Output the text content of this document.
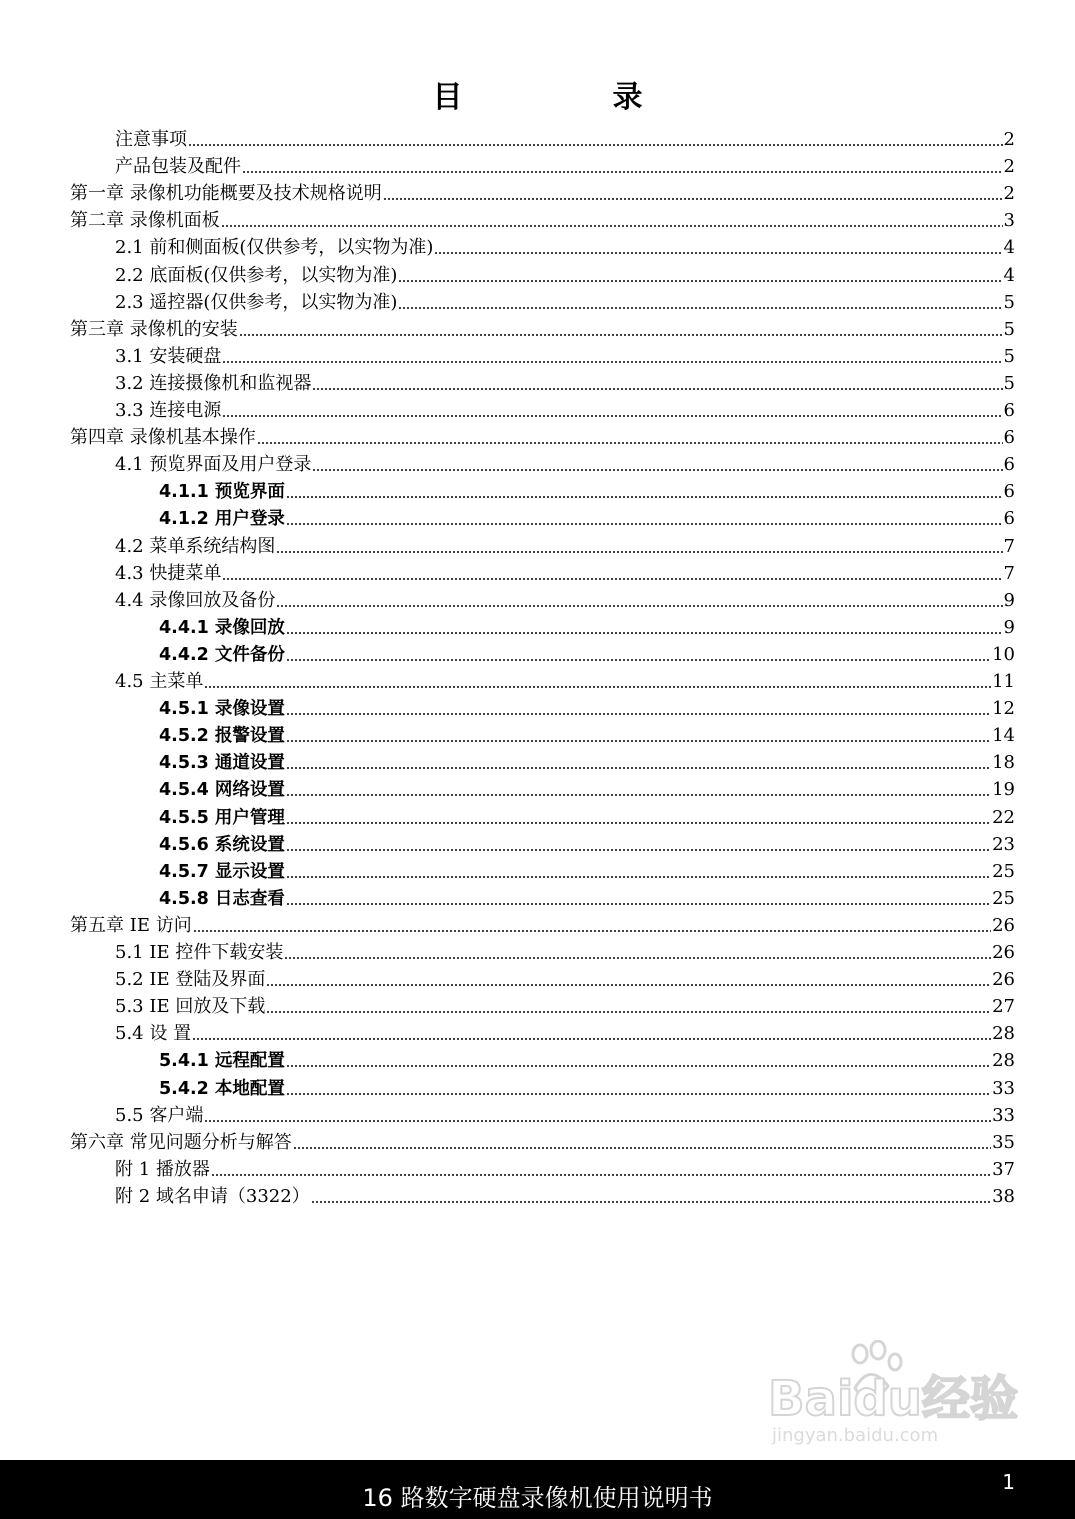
目　录
注意事项	2
产品包装及配件	2
第一章 录像机功能概要及技术规格说明	2
第二章 录像机面板	3
2.1 前和侧面板(仅供参考，以实物为准)	4
2.2 底面板(仅供参考，以实物为准)	4
2.3 遥控器(仅供参考，以实物为准)	5
第三章 录像机的安装	5
3.1 安装硬盘	5
3.2 连接摄像机和监视器	5
3.3 连接电源	6
第四章 录像机基本操作	6
4.1 预览界面及用户登录	6
4.1.1 预览界面	6
4.1.2 用户登录	6
4.2 菜单系统结构图	7
4.3 快捷菜单	7
4.4 录像回放及备份	9
4.4.1 录像回放	9
4.4.2 文件备份	10
4.5 主菜单	11
4.5.1 录像设置	12
4.5.2 报警设置	14
4.5.3 通道设置	18
4.5.4 网络设置	19
4.5.5 用户管理	22
4.5.6 系统设置	23
4.5.7 显示设置	25
4.5.8 日志查看	25
第五章 IE 访问	26
5.1 IE 控件下载安装	26
5.2 IE 登陆及界面	26
5.3 IE 回放及下载	27
5.4 设 置	28
5.4.1 远程配置	28
5.4.2 本地配置	33
5.5 客户端	33
第六章 常见问题分析与解答	35
附 1 播放器	37
附 2 域名申请（3322）	38
Baidu经验
jingyan.baidu.com
16 路数字硬盘录像机使用说明书
1
